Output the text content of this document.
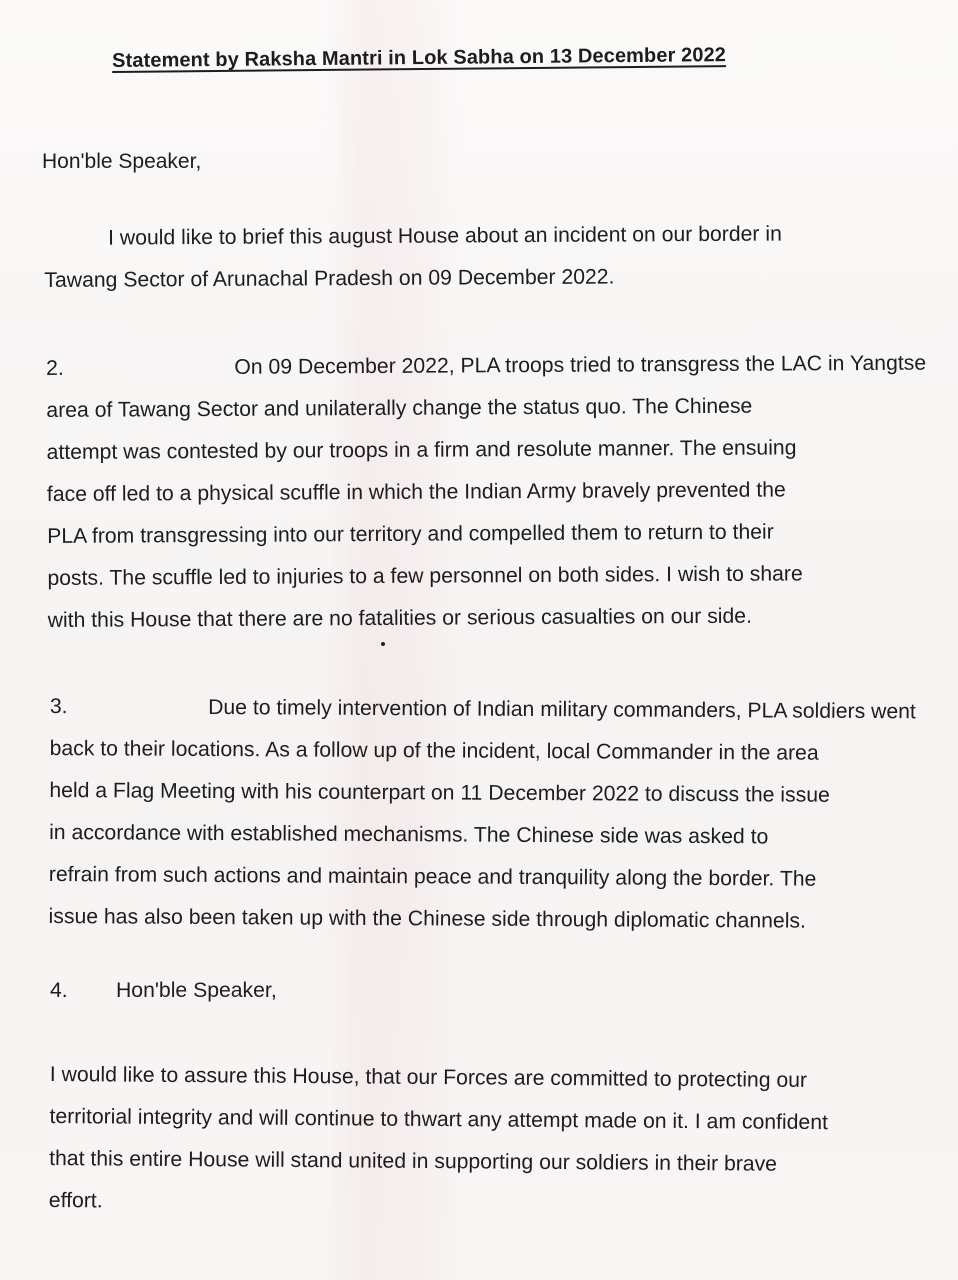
Statement by Raksha Mantri in Lok Sabha on 13 December 2022
Hon'ble Speaker,
I would like to brief this august House about an incident on our border in
Tawang Sector of Arunachal Pradesh on 09 December 2022.
2.	On 09 December 2022, PLA troops tried to transgress the LAC in Yangtse
area of Tawang Sector and unilaterally change the status quo. The Chinese
attempt was contested by our troops in a firm and resolute manner. The ensuing
face off led to a physical scuffle in which the Indian Army bravely prevented the
PLA from transgressing into our territory and compelled them to return to their
posts. The scuffle led to injuries to a few personnel on both sides. I wish to share
with this House that there are no fatalities or serious casualties on our side.
3.	Due to timely intervention of Indian military commanders, PLA soldiers went
back to their locations. As a follow up of the incident, local Commander in the area
held a Flag Meeting with his counterpart on 11 December 2022 to discuss the issue
in accordance with established mechanisms. The Chinese side was asked to
refrain from such actions and maintain peace and tranquility along the border. The
issue has also been taken up with the Chinese side through diplomatic channels.
4.	Hon'ble Speaker,
I would like to assure this House, that our Forces are committed to protecting our
territorial integrity and will continue to thwart any attempt made on it. I am confident
that this entire House will stand united in supporting our soldiers in their brave
effort.
